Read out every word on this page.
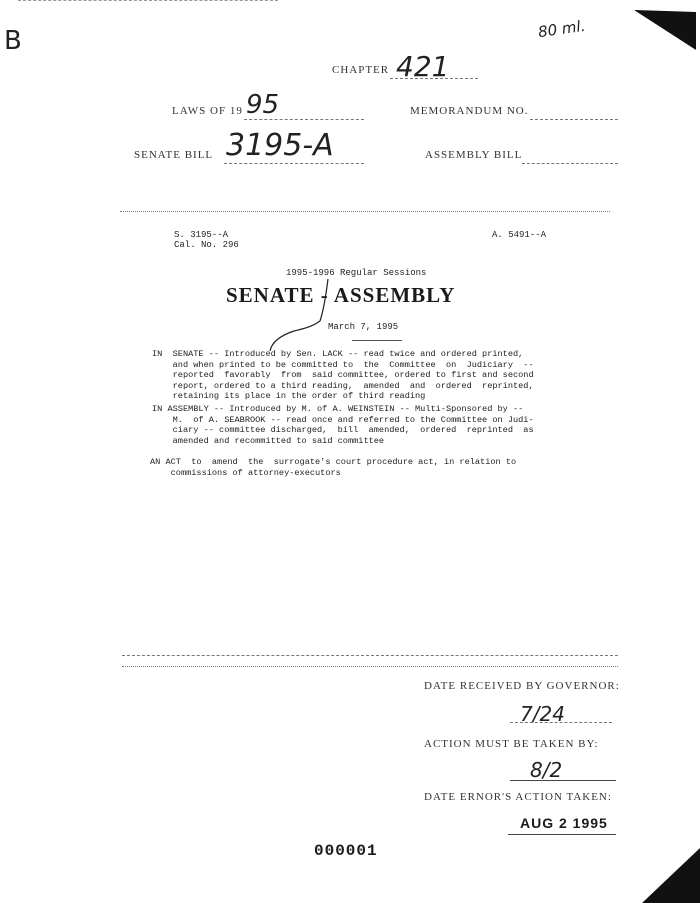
B	80 ml.
CHAPTER 421
LAWS OF 19 95	MEMORANDUM NO.
SENATE BILL 3195-A	ASSEMBLY BILL
S. 3195--A
Cal. No. 296
A. 5491--A
1995-1996 Regular Sessions
SENATE - ASSEMBLY
March 7, 1995
IN  SENATE -- Introduced by Sen. LACK -- read twice and ordered printed,
and when printed to be committed to  the  Committee  on  Judiciary  --
reported  favorably  from  said committee, ordered to first and second
report, ordered to a third reading,  amended  and  ordered  reprinted,
retaining its place in the order of third reading
IN ASSEMBLY -- Introduced by M. of A. WEINSTEIN -- Multi-Sponsored by --
M.  of A. SEABROOK -- read once and referred to the Committee on Judi-
ciary -- committee discharged,  bill  amended,  ordered  reprinted  as
amended and recommitted to said committee
AN ACT  to  amend  the  surrogate's court procedure act, in relation to
commissions of attorney-executors
DATE RECEIVED BY GOVERNOR:
7/24
ACTION MUST BE TAKEN BY:
8/2
DATE ERNOR'S ACTION TAKEN:
AUG 2 1995
000001
